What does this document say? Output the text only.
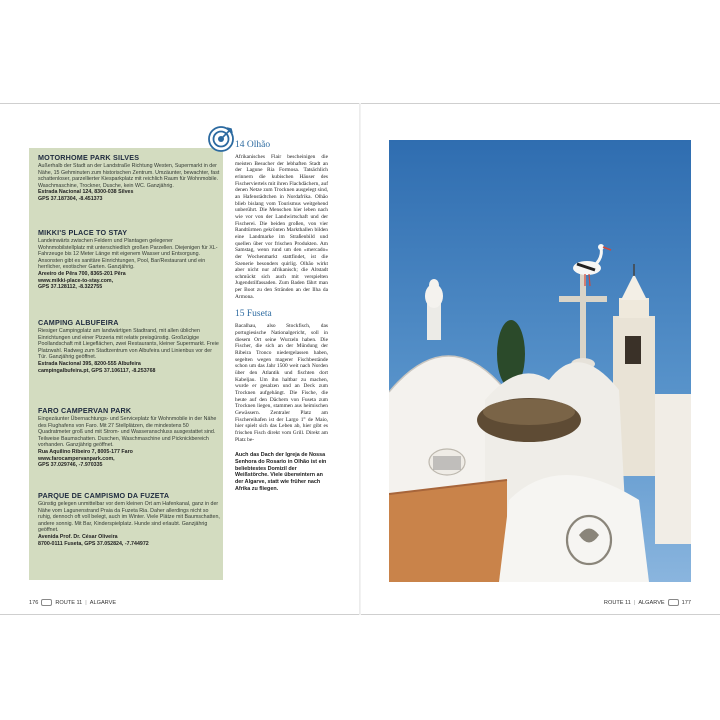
MOTORHOME PARK SILVES
Außerhalb der Stadt an der Landstraße Richtung Westen, Supermarkt in der Nähe, 15 Gehminuten zum historischen Zentrum. Umzäunter, bewachter, fast schattenloser, parzellierter Kiesparkplatz mit reichlich Raum für Wohnmobile. Waschmaschine, Trockner, Dusche, kein WC. Ganzjährig.
Estrada Nacional 124, 8300-038 Silves
GPS 37.187304, -8.451373
MIKKI'S PLACE TO STAY
Landeinwärts zwischen Feldern und Plantagen gelegener Wohnmobilstellplatz mit unterschiedlich großen Parzellen. Diejenigen für XL-Fahrzeuge bis 12 Meter Länge mit eigenem Wasser und Entsorgung. Ansonsten gibt es sanitäre Einrichtungen, Pool, Bar/Restaurant und ein herrlicher, exotischer Garten. Ganzjährig.
Areeiro de Pêra 700, 8365-201 Pêra
www.mikki-place-to-stay.com,
GPS 37.128112, -8.322755
CAMPING ALBUFEIRA
Riesiger Campingplatz am landwärtigen Stadtrand, mit allen üblichen Einrichtungen und einer Pizzeria mit relativ preisgünstig. Großzügige Poollandschaft mit Liegeflächen, zwei Restaurants, kleiner Supermarkt. Freie Platzwahl. Radweg zum Stadtzentrum von Albufeira und Linienbus vor der Tür. Ganzjährig geöffnet.
Estrada Nacional 395, 8200-555 Albufeira
campingalbufeira.pt, GPS 37.106117, -8.253768
FARO CAMPERVAN PARK
Eingezäunter Übernachtungs- und Serviceplatz für Wohnmobile in der Nähe des Flughafens von Faro. Mit 27 Stellplätzen, die mindestens 50 Quadratmeter groß und mit Strom- und Wasseranschluss ausgestattet sind. Teilweise Baumschatten. Duschen, Waschmaschine und Picknickbereich vorhanden. Ganzjährig geöffnet.
Rua Aquilino Ribeiro 7, 8005-177 Faro
www.farocampervanpark.com,
GPS 37.029746, -7.970335
PARQUE DE CAMPISMO DA FUZETA
Günstig gelegen unmittelbar vor dem kleinen Ort am Hafenkanal, ganz in der Nähe vom Lagunenstrand Praia da Fuzeta Ria. Daher allerdings nicht so ruhig, dennoch oft voll belegt, auch im Winter. Viele Plätze mit Baumschatten, andere sonnig. Mit Bar, Kinderspielplatz. Hunde sind erlaubt. Ganzjährig geöffnet.
Avenida Prof. Dr. César Oliveira
8700-0111 Fuseta, GPS 37.052824, -7.744972
14 Olhão
Afrikanisches Flair bescheinigen die meisten Besucher der lebhaften Stadt an der Lagune Ria Formosa. Tatsächlich erinnern die kubischen Häuser des Fischerviertels mit ihren Flachdächern, auf denen Netze zum Trocknen ausgelegt sind, an Hafenstädtchen in Nordafrika. Olhão blieb bislang vom Tourismus weitgehend unberührt. Die Menschen hier leben nach wie vor von der Landwirtschaft und der Fischerei. Die beiden großen, von vier Randtürmen gekrönten Markthallen bilden eine Landmarke im Straßenbild und quellen über vor frischen Produkten. Am Samstag, wenn rund um den »mercado« der Wochenmarkt stattfindet, ist die Szenerie besonders quirlig. Olhão wirkt aber nicht nur afrikanisch; die Altstadt schmückt sich auch mit verspielten Jugendstilfassaden. Zum Baden fährt man per Boot zu den Stränden an der Ilha da Armona.
15 Fuseta
Bacalhau, also Stockfisch, das portugiesische Nationalgericht, soll in diesem Ort seine Wurzeln haben. Die Fischer, die sich an der Mündung der Ribeira Tronco niedergelassen haben, segelten wegen magerer Fischbestände schon um das Jahr 1500 weit nach Norden über den Atlantik und fischten dort Kabeljau. Um ihn haltbar zu machen, wurde er gesalzen und an Deck zum Trocknen aufgehängt. Die Fische, die heute auf den Dächern von Fuseta zum Trocknen liegen, stammen aus heimischen Gewässern. Zentraler Platz am Fischereihafen ist der Largo 1° de Maio, hier spielt sich das Leben ab, hier gibt es frischen Fisch direkt vom Grill. Direkt am Platz be-
Auch das Dach der Igreja de Nossa Senhora do Rosario in Olhão ist ein beliebtestes Domizil der Weißstörche. Viele überwintern an der Algarve, statt wie früher nach Afrika zu fliegen.
176	ROUTE 11 | ALGARVE	ROUTE 11 | ALGARVE	177
